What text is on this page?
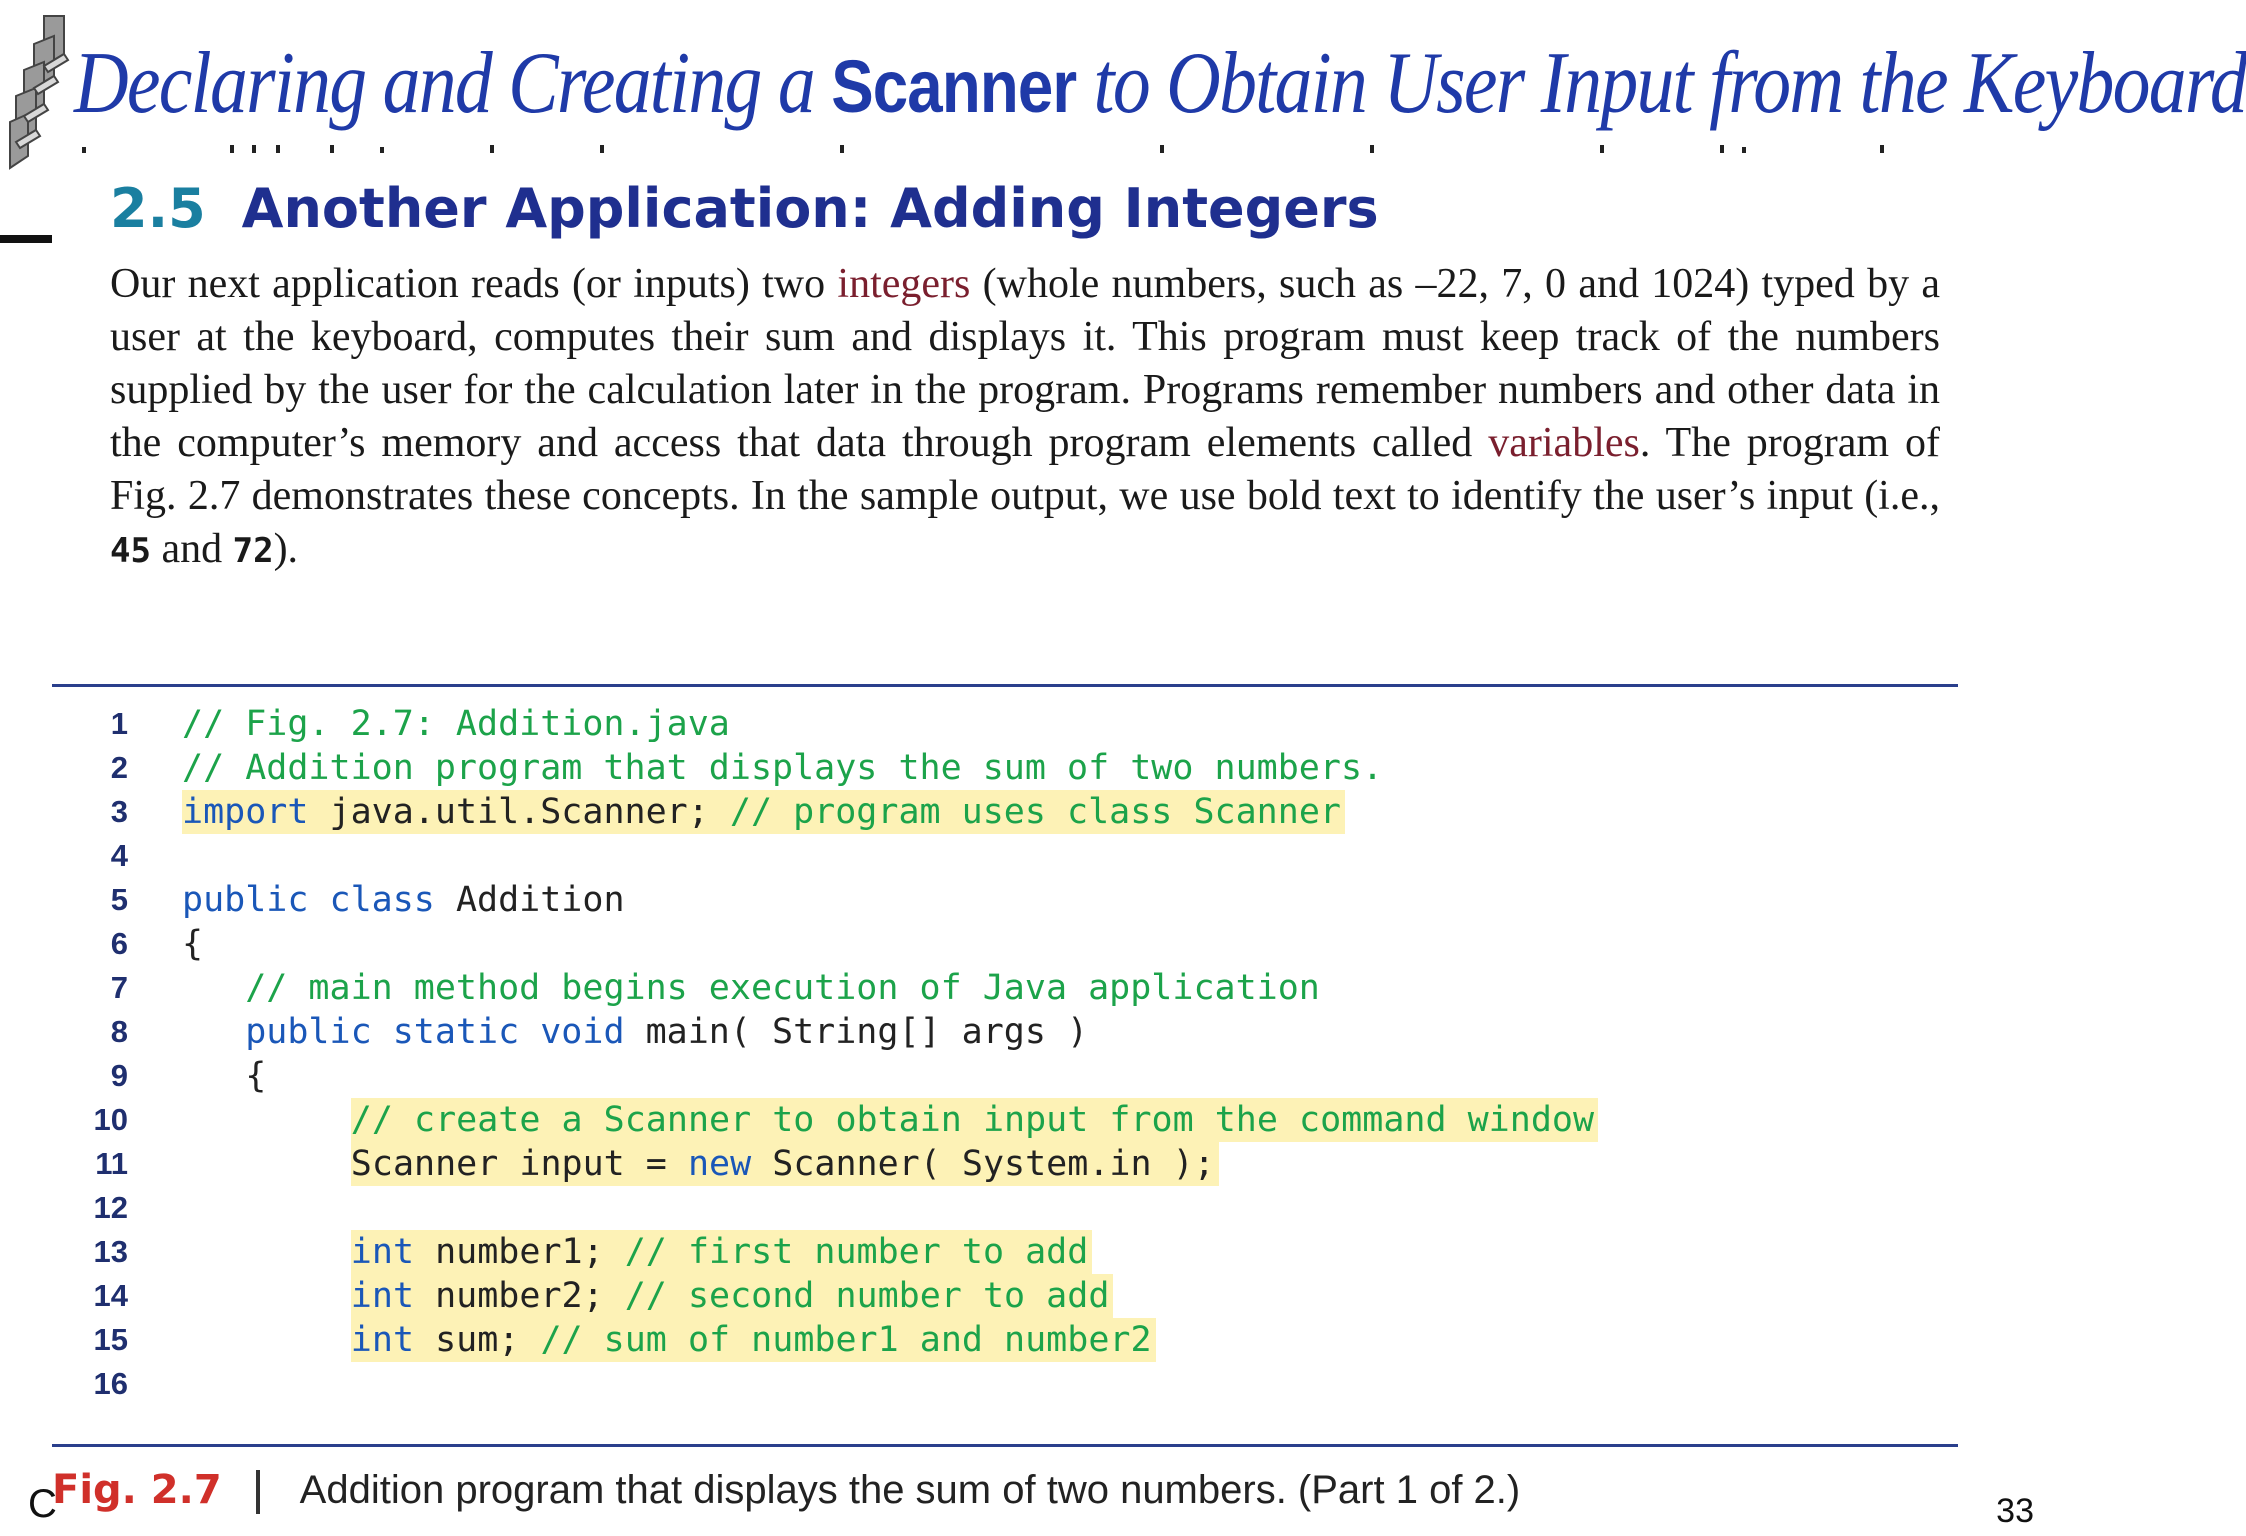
Declaring and Creating a Scanner to Obtain User Input from the Keyboard
2.5 Another Application: Adding Integers

Our next application reads (or inputs) two integers (whole numbers, such as –22, 7, 0 and 1024) typed by a user at the keyboard, computes their sum and displays it. This program must keep track of the numbers supplied by the user for the calculation later in the program. Programs remember numbers and other data in the computer’s memory and access that data through program elements called variables. The program of Fig. 2.7 demonstrates these concepts. In the sample output, we use bold text to identify the user’s input (i.e., 45 and 72).

1 // Fig. 2.7: Addition.java
2 // Addition program that displays the sum of two numbers.
3 import java.util.Scanner; // program uses class Scanner
4
5 public class Addition
6 {
7	// main method begins execution of Java application
8	public static void main( String[] args )
9 {
10	// create a Scanner to obtain input from the command window
11	Scanner input = new Scanner( System.in );
12
13	int number1; // first number to add
14	int number2; // second number to add
15	int sum; // sum of number1 and number2
16
C
Fig. 2.7 Addition program that displays the sum of two numbers. (Part 1 of 2.)	33
